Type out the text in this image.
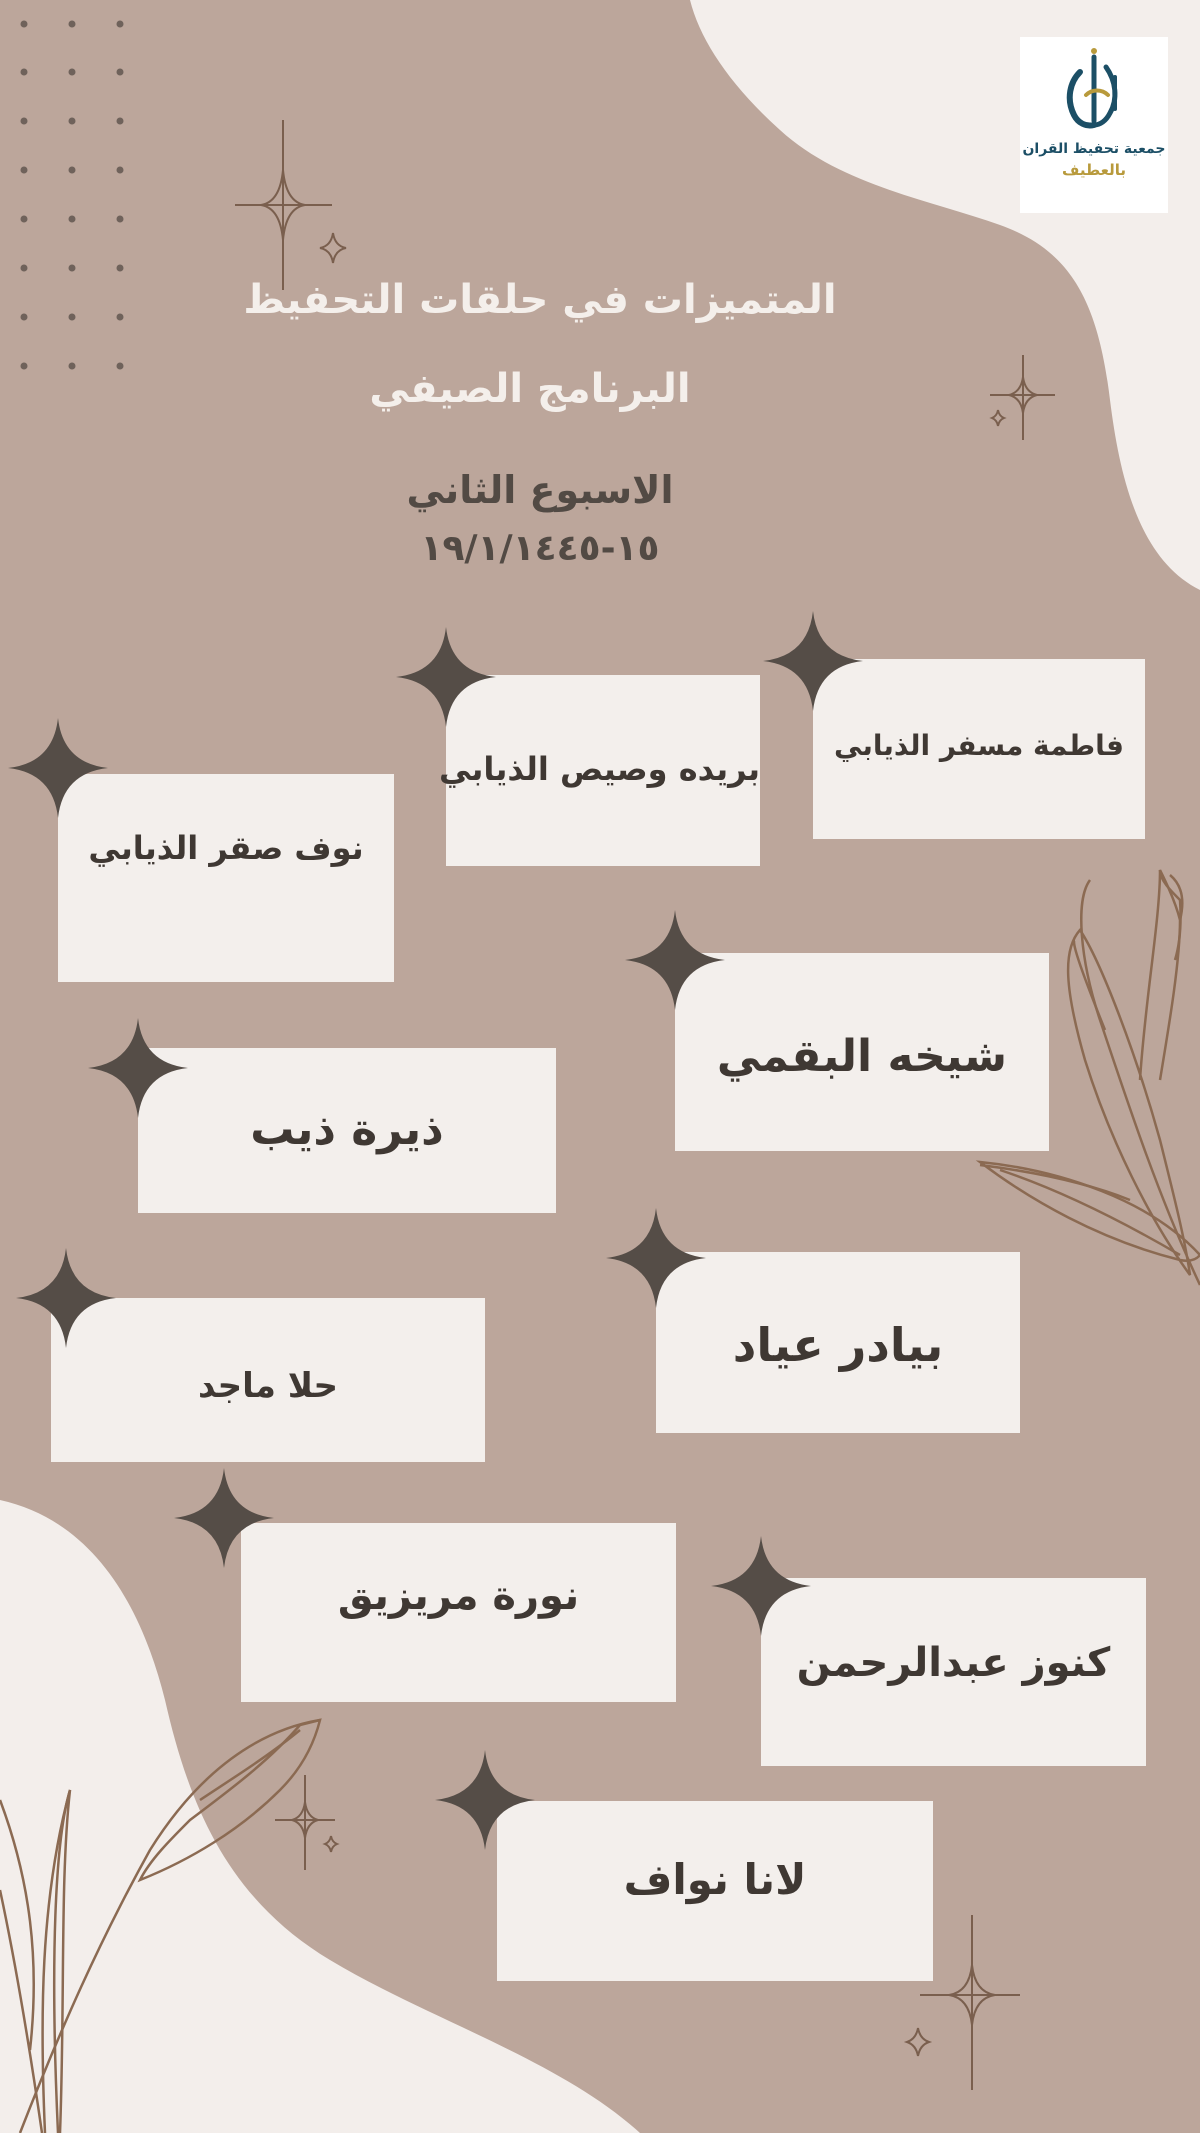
جمعية تحفيظ القران
بالعطيف
المتميزات في حلقات التحفيظ
البرنامج الصيفي
الاسبوع الثاني
١٥-١٩/١/١٤٤٥
فاطمة مسفر الذيابي
بريده وصيص الذيابي
نوف صقر الذيابي
شيخه البقمي
ذيرة ذيب
بيادر عياد
حلا ماجد
نورة مريزيق
كنوز عبدالرحمن
لانا نواف
